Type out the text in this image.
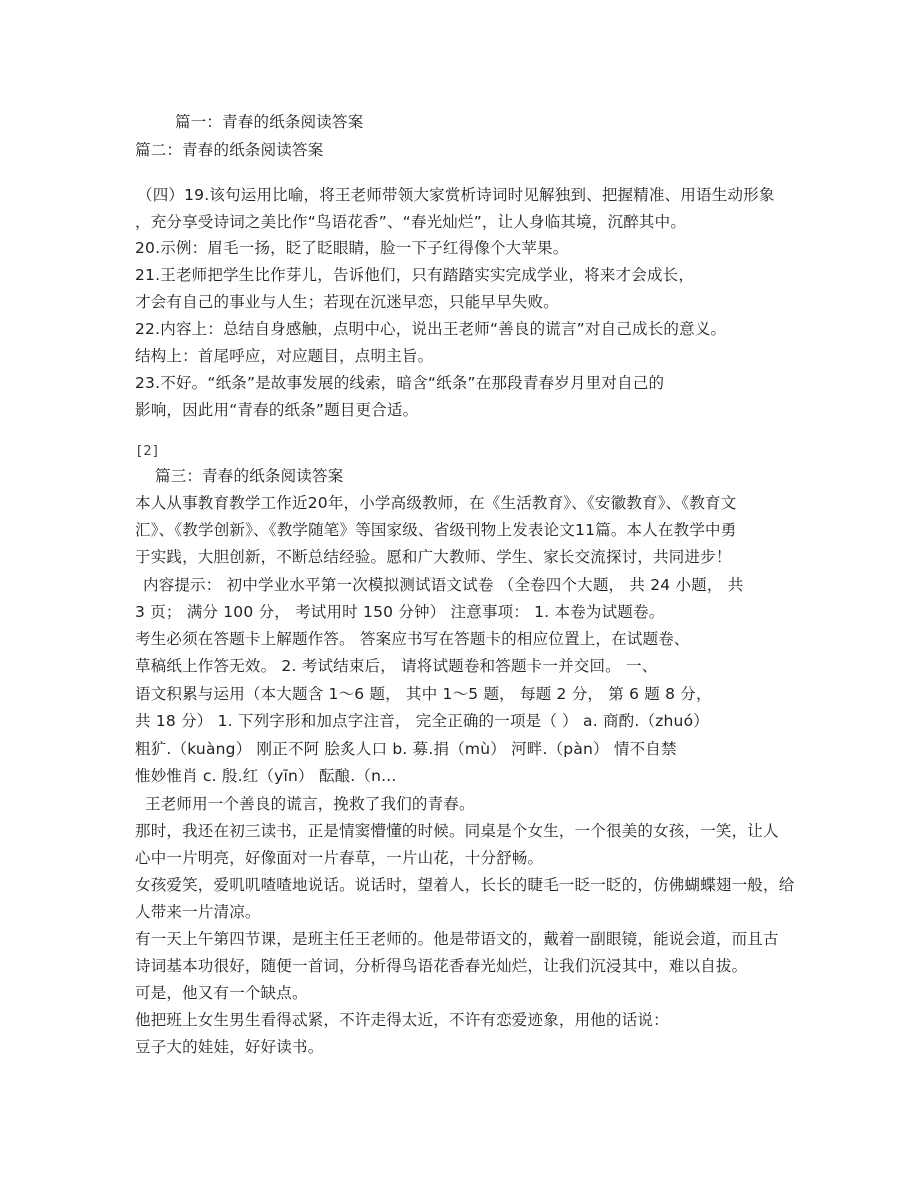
篇一：青春的纸条阅读答案
篇二：青春的纸条阅读答案
（四）19.该句运用比喻，将王老师带领大家赏析诗词时见解独到、把握精准、用语生动形象
，充分享受诗词之美比作“鸟语花香”、“春光灿烂”，让人身临其境，沉醉其中。
20.示例：眉毛一扬，眨了眨眼睛，脸一下子红得像个大苹果。
21.王老师把学生比作芽儿，告诉他们，只有踏踏实实完成学业，将来才会成长，
才会有自己的事业与人生；若现在沉迷早恋，只能早早失败。
22.内容上：总结自身感触，点明中心，说出王老师“善良的谎言”对自己成长的意义。
结构上：首尾呼应，对应题目，点明主旨。
23.不好。“纸条”是故事发展的线索，暗含“纸条”在那段青春岁月里对自己的
影响，因此用“青春的纸条”题目更合适。
[2]
篇三：青春的纸条阅读答案
本人从事教育教学工作近20年，小学高级教师，在《生活教育》、《安徽教育》、《教育文
汇》、《教学创新》、《教学随笔》等国家级、省级刊物上发表论文11篇。本人在教学中勇
于实践，大胆创新，不断总结经验。愿和广大教师、学生、家长交流探讨，共同进步！
内容提示： 初中学业水平第一次模拟测试语文试卷 （全卷四个大题， 共 24 小题， 共
3 页； 满分 100 分， 考试用时 150 分钟） 注意事项： 1. 本卷为试题卷。
考生必须在答题卡上解题作答。 答案应书写在答题卡的相应位置上，在试题卷、
草稿纸上作答无效。 2. 考试结束后， 请将试题卷和答题卡一并交回。 一、
语文积累与运用（本大题含 1～6 题， 其中 1～5 题， 每题 2 分， 第 6 题 8 分，
共 18 分） 1. 下列字形和加点字注音， 完全正确的一项是（ ） a. 商酌.（zhuó）
粗犷.（kuàng） 刚正不阿 脍炙人口 b. 募.捐（mù） 河畔.（pàn） 情不自禁
惟妙惟肖 c. 殷.红（yīn） 酝酿.（n...
王老师用一个善良的谎言，挽救了我们的青春。
那时，我还在初三读书，正是情窦懵懂的时候。同桌是个女生，一个很美的女孩，一笑，让人
心中一片明亮，好像面对一片春草，一片山花，十分舒畅。
女孩爱笑，爱叽叽喳喳地说话。说话时，望着人，长长的睫毛一眨一眨的，仿佛蝴蝶翅一般，给
人带来一片清凉。
有一天上午第四节课，是班主任王老师的。他是带语文的，戴着一副眼镜，能说会道，而且古
诗词基本功很好，随便一首词，分析得鸟语花香春光灿烂，让我们沉浸其中，难以自拔。
可是，他又有一个缺点。
他把班上女生男生看得忒紧，不许走得太近，不许有恋爱迹象，用他的话说：
豆子大的娃娃，好好读书。
